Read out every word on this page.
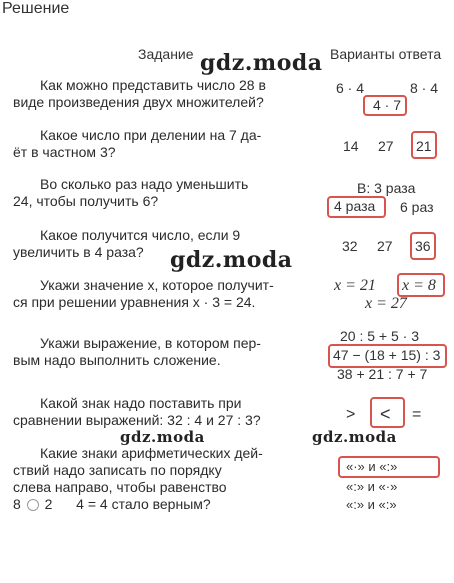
Решение
Задание	Варианты ответа
gdz.moda
gdz.moda
gdz.moda	gdz.moda
Как можно представить число 28 в
виде произведения двух множителей?
6 · 4	8 · 4
4 · 7
Какое число при делении на 7 да-
ёт в частном 3?	14 27 21
Во сколько раз надо уменьшить
24, чтобы получить 6?
В: 3 раза
4 раза 6 раз
Какое получится число, если 9
увеличить в 4 раза?	32 27 36
Укажи значение x, которое получит-
ся при решении уравнения x · 3 = 24.
x = 21 x = 8
x = 27
Укажи выражение, в котором пер-
вым надо выполнить сложение.
20 : 5 + 5 · 3
47 − (18 + 15) : 3
38 + 21 : 7 + 7
Какой знак надо поставить при
сравнении выражений: 32 : 4 и 27 : 3?	> < =
Какие знаки арифметических дей-
ствий надо записать по порядку
слева направо, чтобы равенство
8 2 4 = 4 стало верным?
«·» и «:»
«:» и «·»
«:» и «:»
